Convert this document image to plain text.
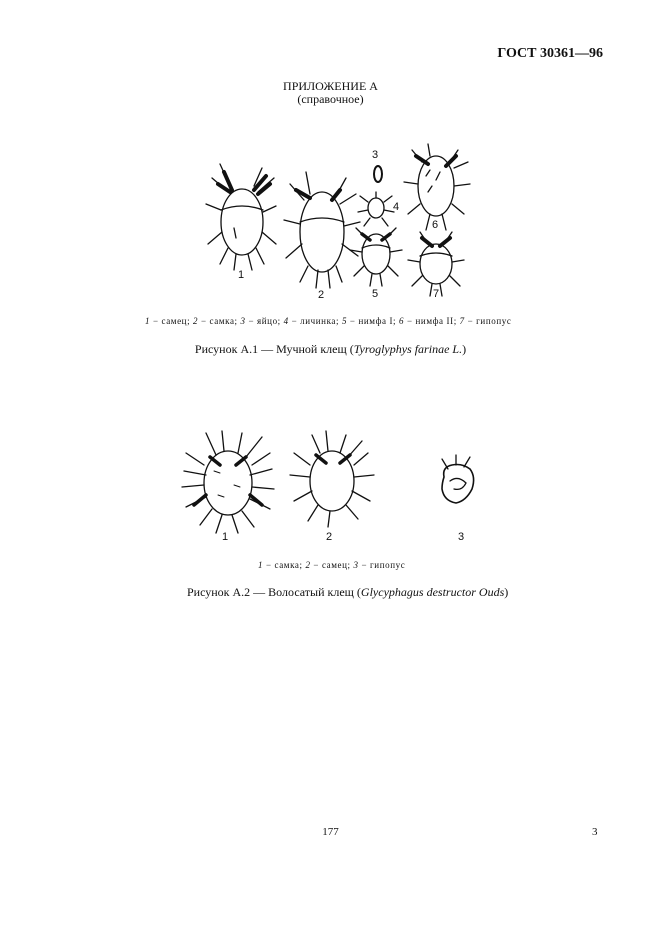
ГОСТ 30361—96
ПРИЛОЖЕНИЕ А
(справочное)
1
2
3
4
5
6
7
1 − самец; 2 − самка; 3 − яйцо; 4 − личинка; 5 − нимфа I; 6 − нимфа II; 7 − гипопус
Рисунок А.1 — Мучной клещ (Tyroglyphys farinae L.)
1	2	3
1 − самка; 2 − самец; 3 − гипопус
Рисунок А.2 — Волосатый клещ (Glycyphagus destructor Ouds)
177	3
